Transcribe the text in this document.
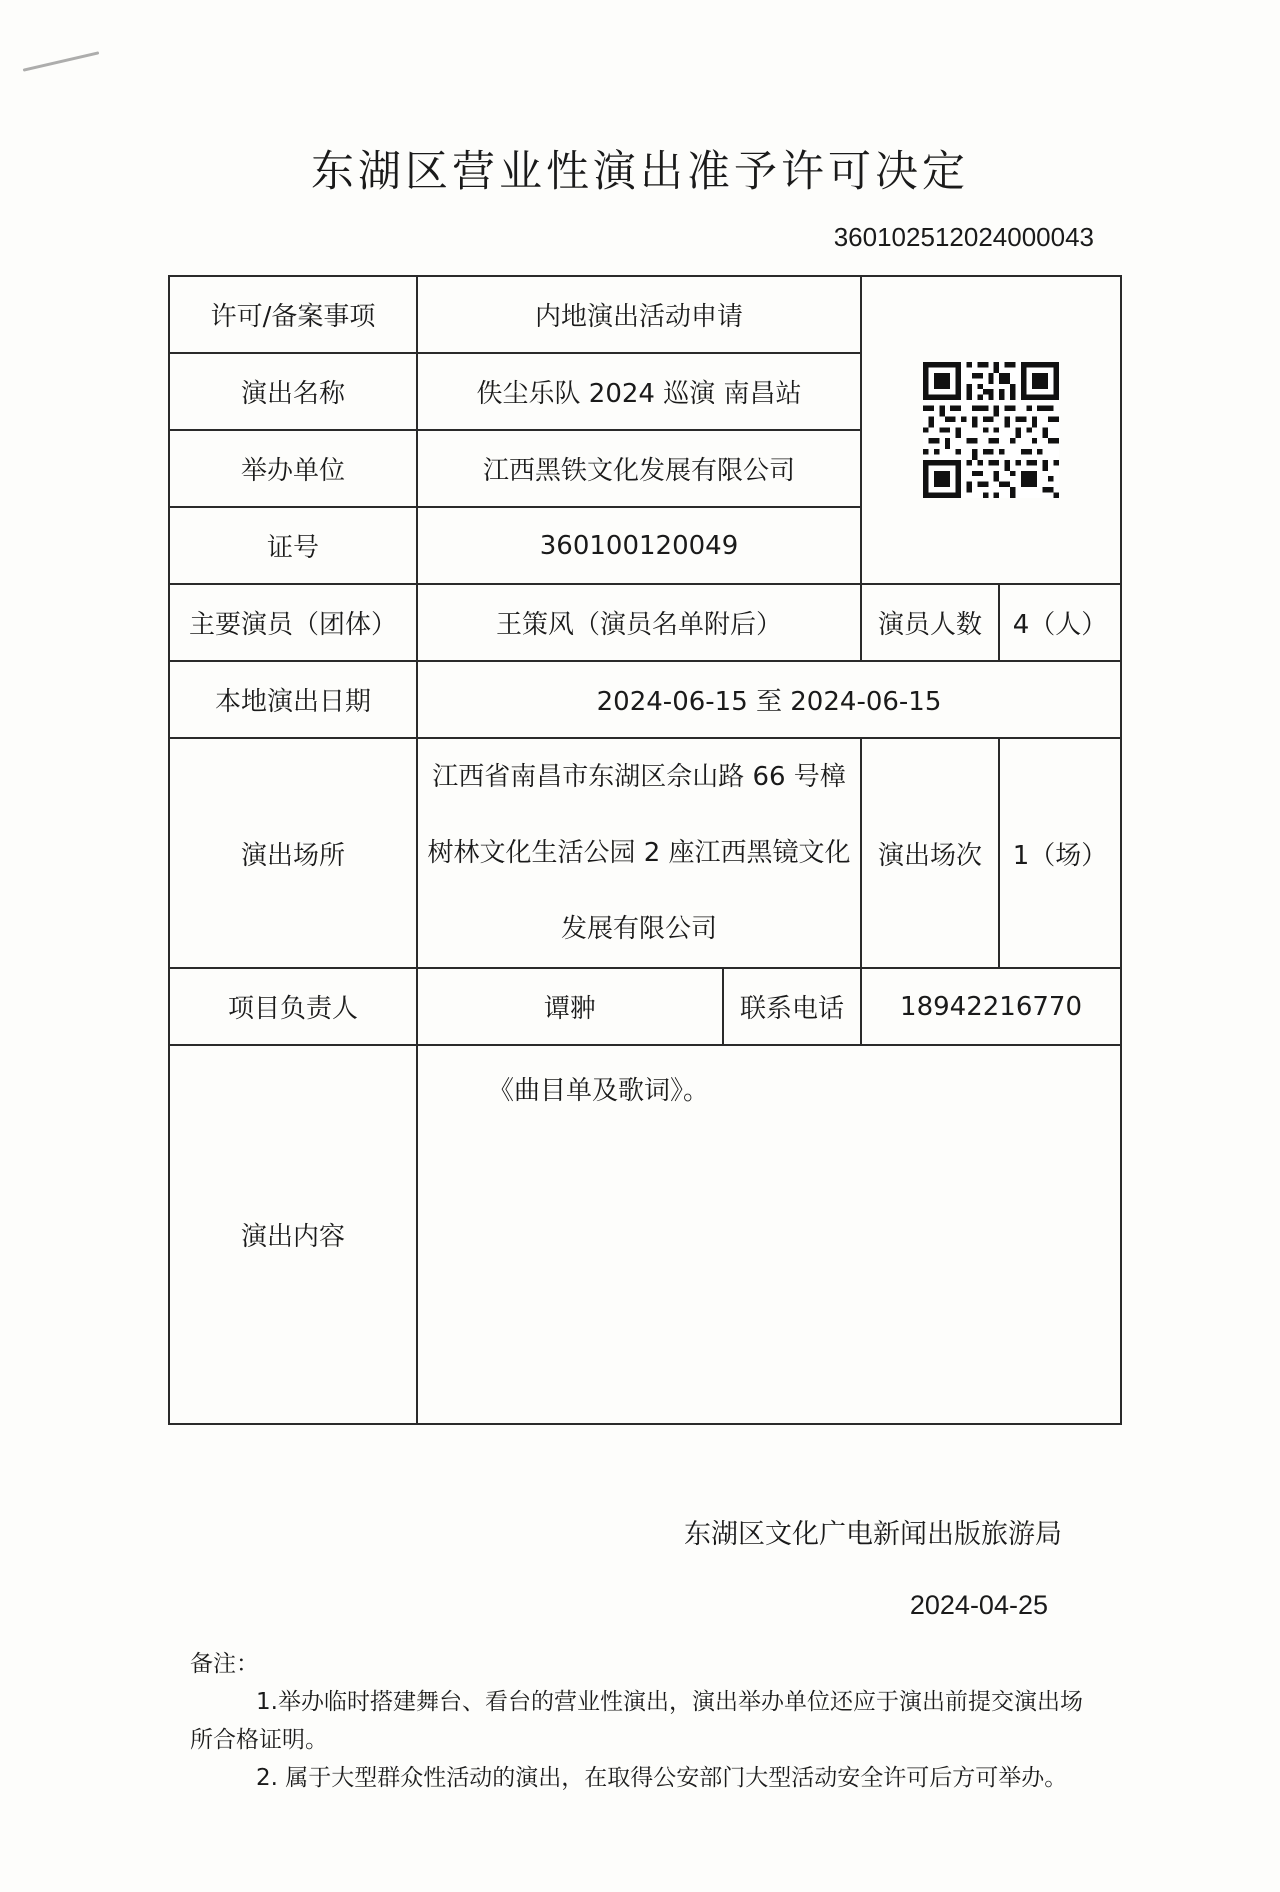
东湖区营业性演出准予许可决定
360102512024000043
许可/备案事项	内地演出活动申请	

演出名称	佚尘乐队 2024 巡演 南昌站			
举办单位	江西黑铁文化发展有限公司			
证号	360100120049			
主要演员（团体）	王策风（演员名单附后）		演员人数	4（人）
本地演出日期	2024-06-15 至 2024-06-15			
演出场所	江西省南昌市东湖区佘山路 66 号樟树林文化生活公园 2 座江西黑镜文化发展有限公司		演出场次	1（场）
项目负责人	谭翀	联系电话	18942216770	
演出内容	《曲目单及歌词》。			
东湖区文化广电新闻出版旅游局
2024-04-25

备注：

1.举办临时搭建舞台、看台的营业性演出，演出举办单位还应于演出前提交演出场所合格证明。

2. 属于大型群众性活动的演出，在取得公安部门大型活动安全许可后方可举办。
